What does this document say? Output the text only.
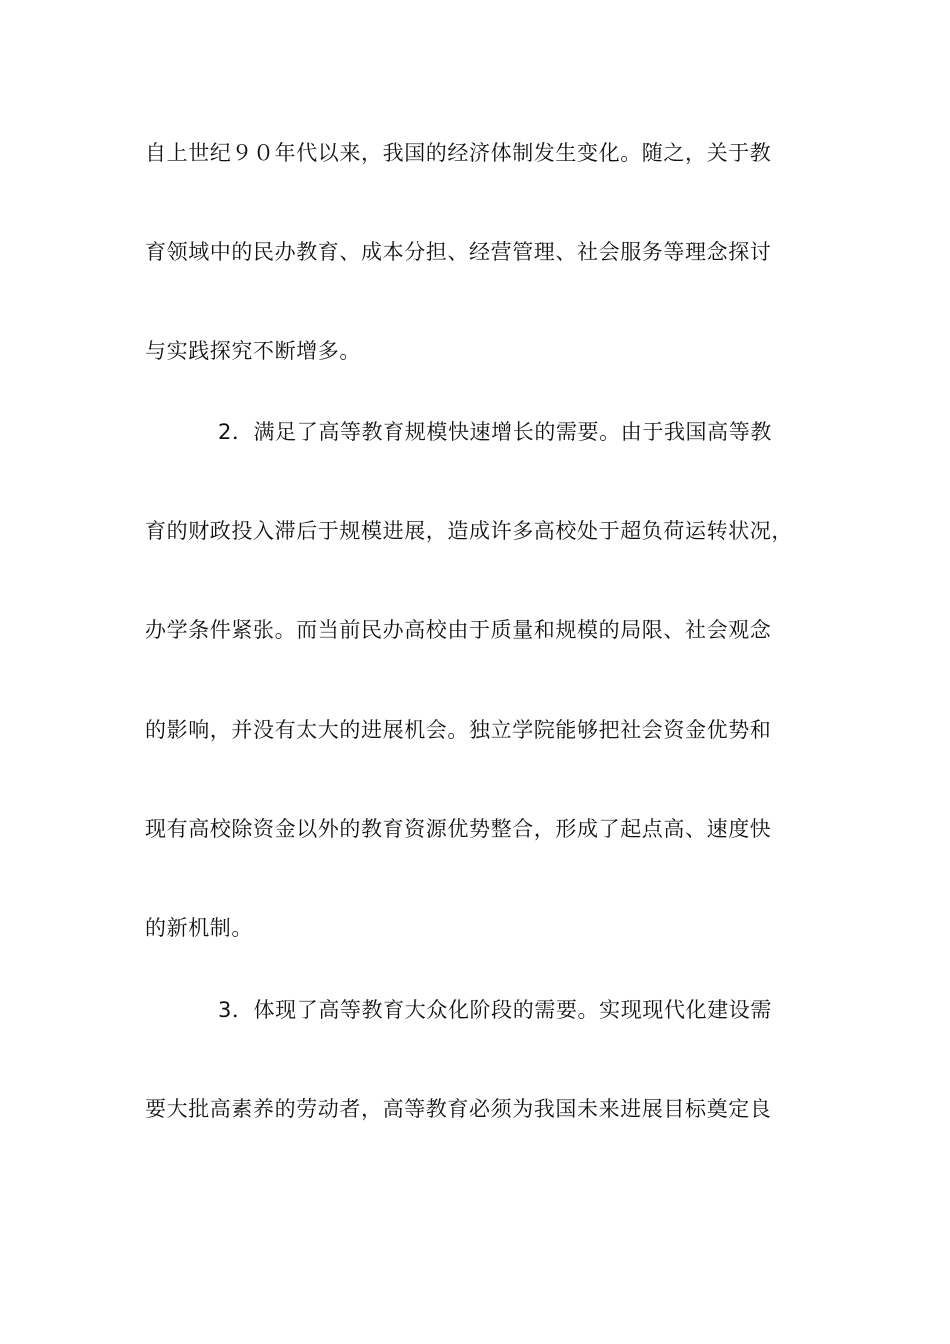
自上世纪９０年代以来，我国的经济体制发生变化。随之，关于教
育领域中的民办教育、成本分担、经营管理、社会服务等理念探讨
与实践探究不断增多。
2．满足了高等教育规模快速增长的需要。由于我国高等教
育的财政投入滞后于规模进展，造成许多高校处于超负荷运转状况，
办学条件紧张。而当前民办高校由于质量和规模的局限、社会观念
的影响，并没有太大的进展机会。独立学院能够把社会资金优势和
现有高校除资金以外的教育资源优势整合，形成了起点高、速度快
的新机制。
3．体现了高等教育大众化阶段的需要。实现现代化建设需
要大批高素养的劳动者，高等教育必须为我国未来进展目标奠定良
